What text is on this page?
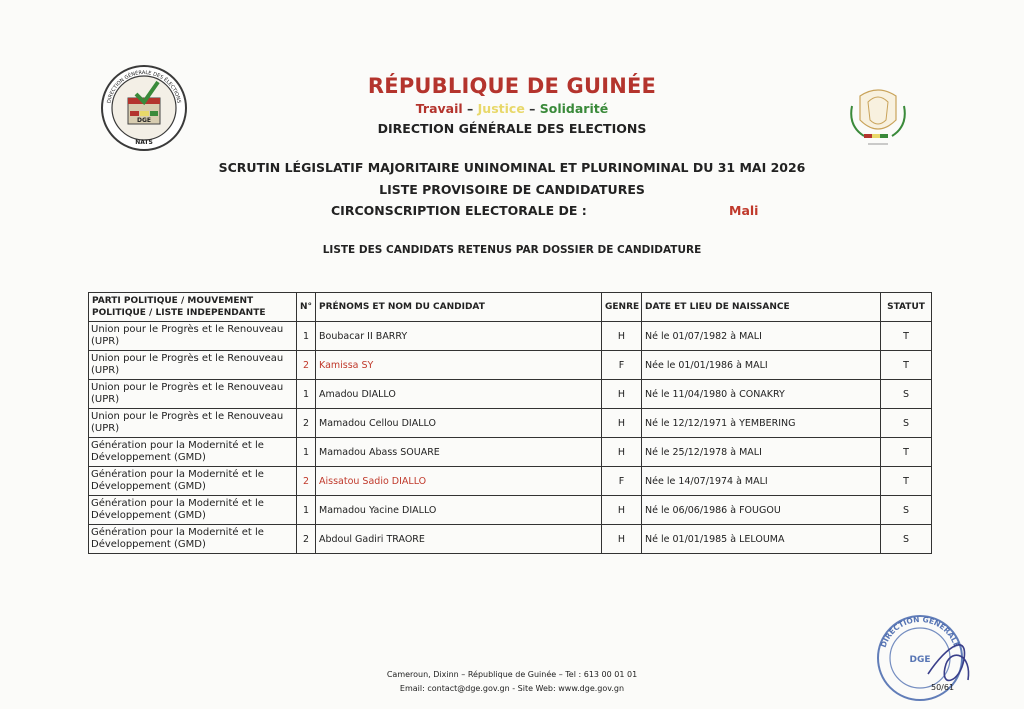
DGE
NATS
DIRECTION GÉNÉRALE DES ÉLECTIONS
RÉPUBLIQUE DE GUINÉE
Travail – Justice – Solidarité
DIRECTION GÉNÉRALE DES ELECTIONS
SCRUTIN LÉGISLATIF MAJORITAIRE UNINOMINAL ET PLURINOMINAL DU 31 MAI 2026
LISTE PROVISOIRE DE CANDIDATURES
CIRCONSCRIPTION ELECTORALE DE :	Mali
LISTE DES CANDIDATS RETENUS PAR DOSSIER DE CANDIDATURE
PARTI POLITIQUE / MOUVEMENT POLITIQUE / LISTE INDEPENDANTE	N°	PRÉNOMS ET NOM DU CANDIDAT	GENRE	DATE ET LIEU DE NAISSANCE	STATUT
Union pour le Progrès et le Renouveau (UPR)	1	Boubacar II BARRY	H	Né le 01/07/1982 à MALI	T
Union pour le Progrès et le Renouveau (UPR)	2	Kamissa SY	F	Née le 01/01/1986 à MALI	T
Union pour le Progrès et le Renouveau (UPR)	1	Amadou DIALLO	H	Né le 11/04/1980 à CONAKRY	S
Union pour le Progrès et le Renouveau (UPR)	2	Mamadou Cellou DIALLO	H	Né le 12/12/1971 à YEMBERING	S
Génération pour la Modernité et le Développement (GMD)	1	Mamadou Abass SOUARE	H	Né le 25/12/1978 à MALI	T
Génération pour la Modernité et le Développement (GMD)	2	Aissatou Sadio DIALLO	F	Née le 14/07/1974 à MALI	T
Génération pour la Modernité et le Développement (GMD)	1	Mamadou Yacine DIALLO	H	Né le 06/06/1986 à FOUGOU	S
Génération pour la Modernité et le Développement (GMD)	2	Abdoul Gadiri TRAORE	H	Né le 01/01/1985 à LELOUMA	S
DIRECTION GENERALE
DGE
Cameroun, Dixinn – République de Guinée – Tel : 613 00 01 01
Email: contact@dge.gov.gn - Site Web: www.dge.gov.gn	50/61
